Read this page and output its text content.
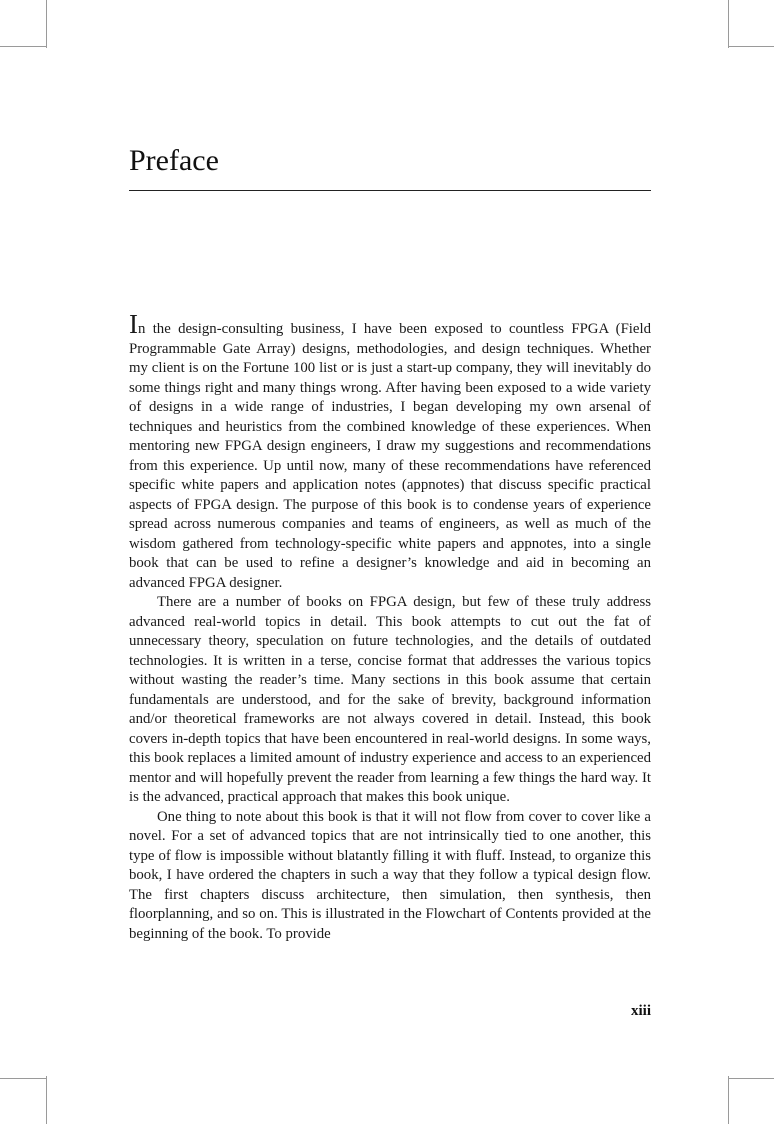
Preface

In the design-consulting business, I have been exposed to countless FPGA (Field Programmable Gate Array) designs, methodologies, and design techniques. Whether my client is on the Fortune 100 list or is just a start-up company, they will inevitably do some things right and many things wrong. After having been exposed to a wide variety of designs in a wide range of industries, I began developing my own arsenal of techniques and heuristics from the combined knowledge of these experiences. When mentoring new FPGA design engineers, I draw my suggestions and recommendations from this experience. Up until now, many of these recommendations have referenced specific white papers and application notes (appnotes) that discuss specific practical aspects of FPGA design. The purpose of this book is to condense years of experience spread across numerous companies and teams of engineers, as well as much of the wisdom gathered from technology-specific white papers and appnotes, into a single book that can be used to refine a designer’s knowledge and aid in becoming an advanced FPGA designer.

There are a number of books on FPGA design, but few of these truly address advanced real-world topics in detail. This book attempts to cut out the fat of unnecessary theory, speculation on future technologies, and the details of outdated technologies. It is written in a terse, concise format that addresses the various topics without wasting the reader’s time. Many sections in this book assume that certain fundamentals are understood, and for the sake of brevity, background information and/or theoretical frameworks are not always covered in detail. Instead, this book covers in-depth topics that have been encountered in real-world designs. In some ways, this book replaces a limited amount of industry experience and access to an experienced mentor and will hopefully prevent the reader from learning a few things the hard way. It is the advanced, practical approach that makes this book unique.

One thing to note about this book is that it will not flow from cover to cover like a novel. For a set of advanced topics that are not intrinsically tied to one another, this type of flow is impossible without blatantly filling it with fluff. Instead, to organize this book, I have ordered the chapters in such a way that they follow a typical design flow. The first chapters discuss architecture, then simulation, then synthesis, then floorplanning, and so on. This is illustrated in the Flowchart of Contents provided at the beginning of the book. To provide

xiii
